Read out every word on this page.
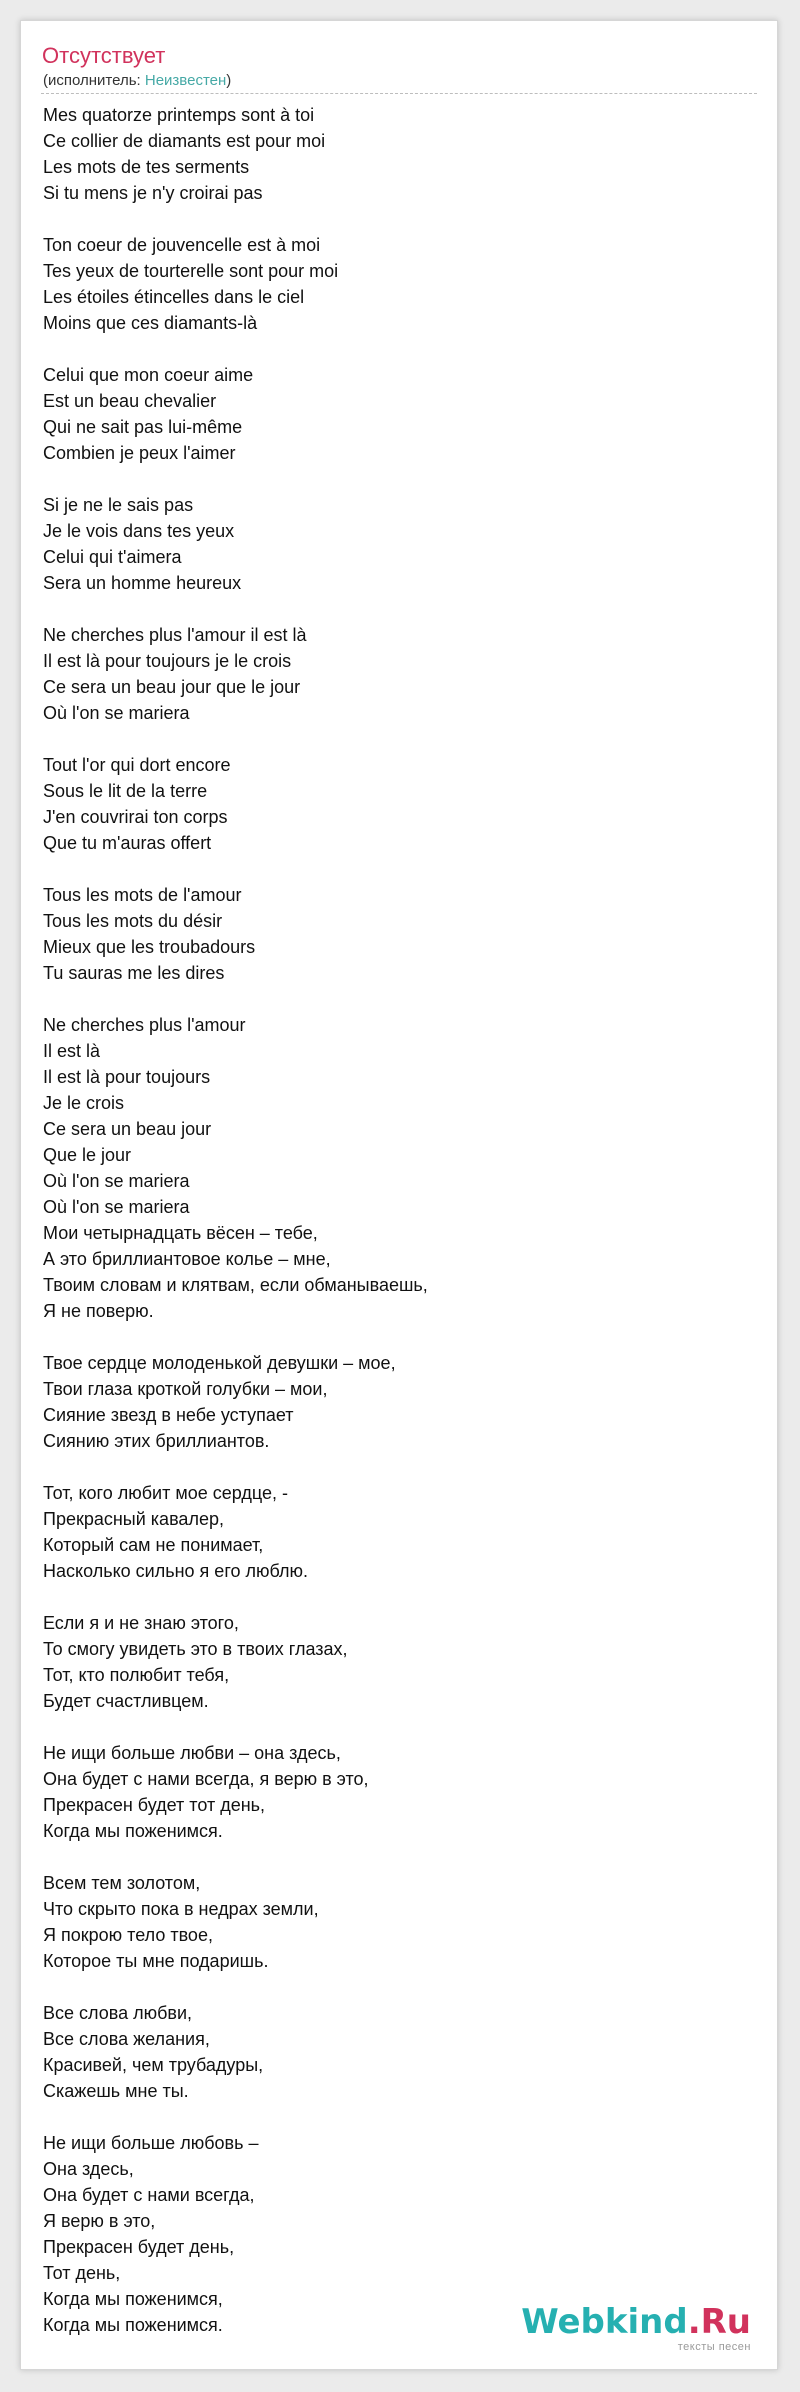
Отсутствует
(исполнитель: Неизвестен)
Mes quatorze printemps sont à toi
Ce collier de diamants est pour moi
Les mots de tes serments
Si tu mens je n'y croirai pas
Ton coeur de jouvencelle est à moi
Tes yeux de tourterelle sont pour moi
Les étoiles étincelles dans le ciel
Moins que ces diamants-là
Celui que mon coeur aime
Est un beau chevalier
Qui ne sait pas lui-même
Combien je peux l'aimer
Si je ne le sais pas
Je le vois dans tes yeux
Celui qui t'aimera
Sera un homme heureux
Ne cherches plus l'amour il est là
Il est là pour toujours je le crois
Ce sera un beau jour que le jour
Où l'on se mariera
Tout l'or qui dort encore
Sous le lit de la terre
J'en couvrirai ton corps
Que tu m'auras offert
Tous les mots de l'amour
Tous les mots du désir
Mieux que les troubadours
Tu sauras me les dires
Ne cherches plus l'amour
Il est là
Il est là pour toujours
Je le crois
Ce sera un beau jour
Que le jour
Où l'on se mariera
Où l'on se mariera
Мои четырнадцать вёсен – тебе,
А это бриллиантовое колье – мне,
Твоим словам и клятвам, если обманываешь,
Я не поверю.
Твое сердце молоденькой девушки – мое,
Твои глаза кроткой голубки – мои,
Сияние звезд в небе уступает
Сиянию этих бриллиантов.
Тот, кого любит мое сердце, -
Прекрасный кавалер,
Который сам не понимает,
Насколько сильно я его люблю.
Если я и не знаю этого,
То смогу увидеть это в твоих глазах,
Тот, кто полюбит тебя,
Будет счастливцем.
Не ищи больше любви – она здесь,
Она будет с нами всегда, я верю в это,
Прекрасен будет тот день,
Когда мы поженимся.
Всем тем золотом,
Что скрыто пока в недрах земли,
Я покрою тело твое,
Которое ты мне подаришь.
Все слова любви,
Все слова желания,
Красивей, чем трубадуры,
Скажешь мне ты.
Не ищи больше любовь –
Она здесь,
Она будет с нами всегда,
Я верю в это,
Прекрасен будет день,
Тот день,
Когда мы поженимся,
Когда мы поженимся.	Webkind.Ru
тексты песен
